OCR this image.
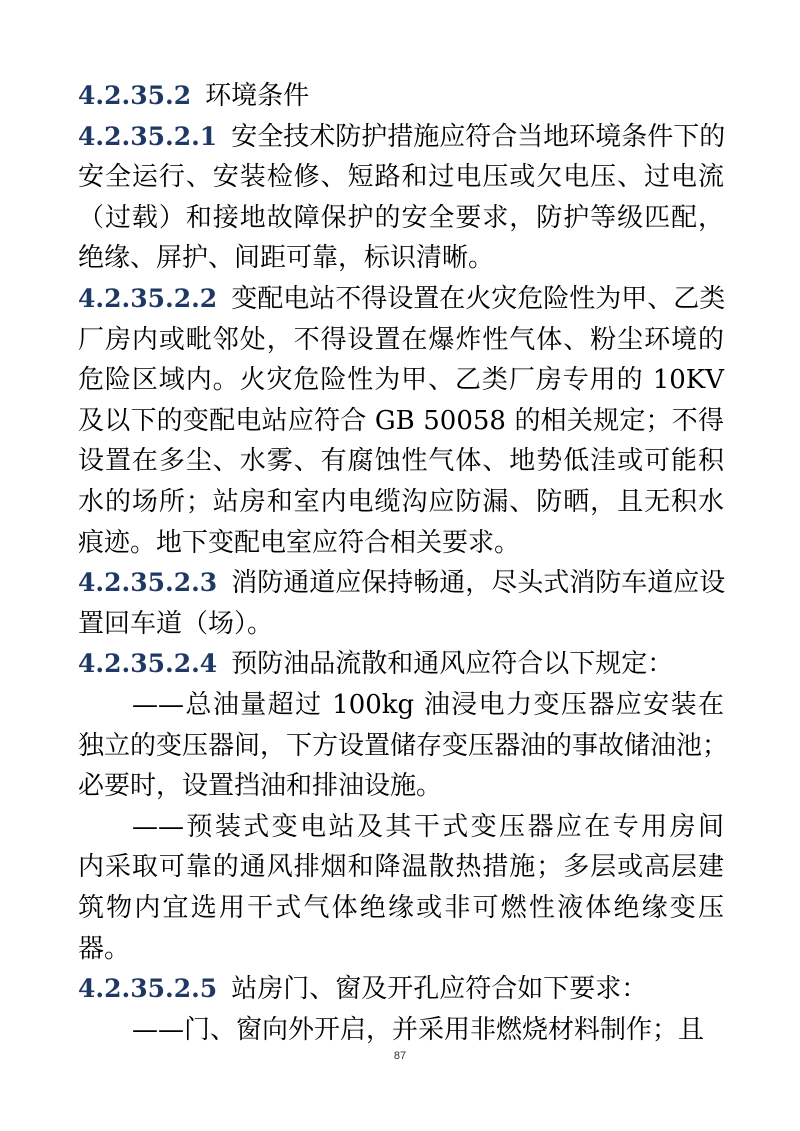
4.2.35.2 环境条件
4.2.35.2.1 安全技术防护措施应符合当地环境条件下的
安全运行、安装检修、短路和过电压或欠电压、过电流
（过载）和接地故障保护的安全要求，防护等级匹配，
绝缘、屏护、间距可靠，标识清晰。
4.2.35.2.2 变配电站不得设置在火灾危险性为甲、乙类
厂房内或毗邻处，不得设置在爆炸性气体、粉尘环境的
危险区域内。火灾危险性为甲、乙类厂房专用的 10KV
及以下的变配电站应符合 GB 50058 的相关规定；不得
设置在多尘、水雾、有腐蚀性气体、地势低洼或可能积
水的场所；站房和室内电缆沟应防漏、防晒，且无积水
痕迹。地下变配电室应符合相关要求。
4.2.35.2.3 消防通道应保持畅通，尽头式消防车道应设
置回车道（场）。
4.2.35.2.4 预防油品流散和通风应符合以下规定：
——总油量超过 100kg 油浸电力变压器应安装在
独立的变压器间，下方设置储存变压器油的事故储油池；
必要时，设置挡油和排油设施。
——预装式变电站及其干式变压器应在专用房间
内采取可靠的通风排烟和降温散热措施；多层或高层建
筑物内宜选用干式气体绝缘或非可燃性液体绝缘变压
器。
4.2.35.2.5 站房门、窗及开孔应符合如下要求：
——门、窗向外开启，并采用非燃烧材料制作；且
87
